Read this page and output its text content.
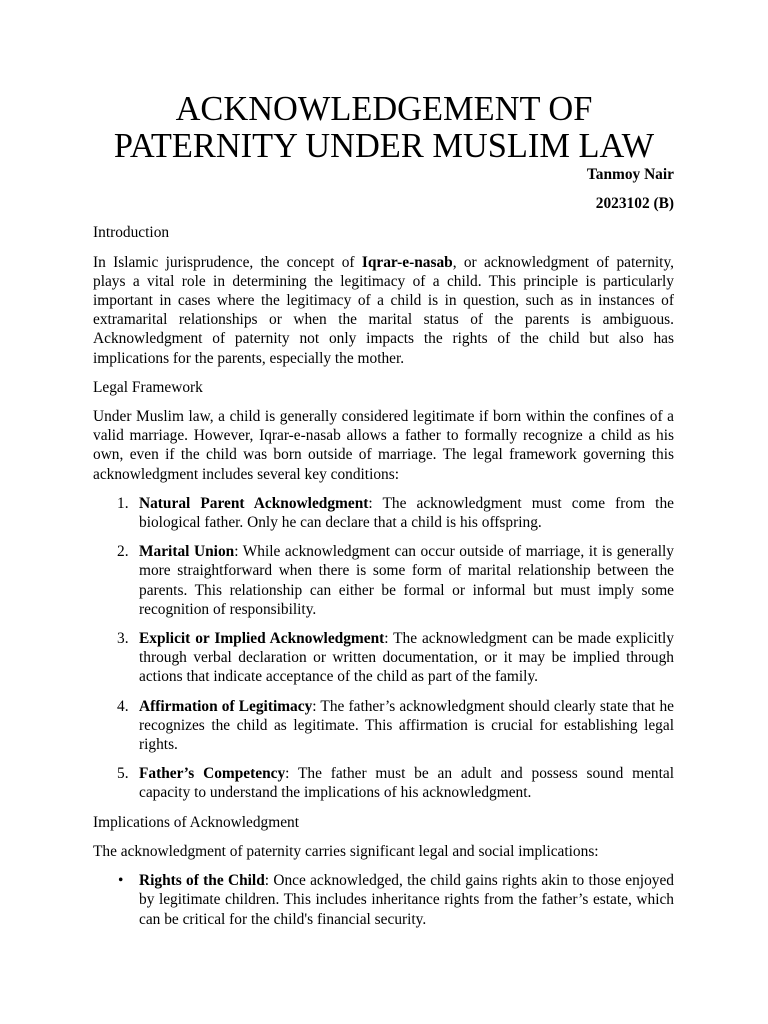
ACKNOWLEDGEMENT OF
PATERNITY UNDER MUSLIM LAW

Tanmoy Nair

2023102 (B)

Introduction

In Islamic jurisprudence, the concept of Iqrar-e-nasab, or acknowledgment of paternity, plays a vital role in determining the legitimacy of a child. This principle is particularly important in cases where the legitimacy of a child is in question, such as in instances of extramarital relationships or when the marital status of the parents is ambiguous. Acknowledgment of paternity not only impacts the rights of the child but also has implications for the parents, especially the mother.

Legal Framework

Under Muslim law, a child is generally considered legitimate if born within the confines of a valid marriage. However, Iqrar-e-nasab allows a father to formally recognize a child as his own, even if the child was born outside of marriage. The legal framework governing this acknowledgment includes several key conditions:

1. Natural Parent Acknowledgment: The acknowledgment must come from the biological father. Only he can declare that a child is his offspring.
2. Marital Union: While acknowledgment can occur outside of marriage, it is generally more straightforward when there is some form of marital relationship between the parents. This relationship can either be formal or informal but must imply some recognition of responsibility.
3. Explicit or Implied Acknowledgment: The acknowledgment can be made explicitly through verbal declaration or written documentation, or it may be implied through actions that indicate acceptance of the child as part of the family.
4. Affirmation of Legitimacy: The father’s acknowledgment should clearly state that he recognizes the child as legitimate. This affirmation is crucial for establishing legal rights.
5. Father’s Competency: The father must be an adult and possess sound mental capacity to understand the implications of his acknowledgment.

Implications of Acknowledgment

The acknowledgment of paternity carries significant legal and social implications:

• Rights of the Child: Once acknowledged, the child gains rights akin to those enjoyed by legitimate children. This includes inheritance rights from the father’s estate, which can be critical for the child's financial security.
